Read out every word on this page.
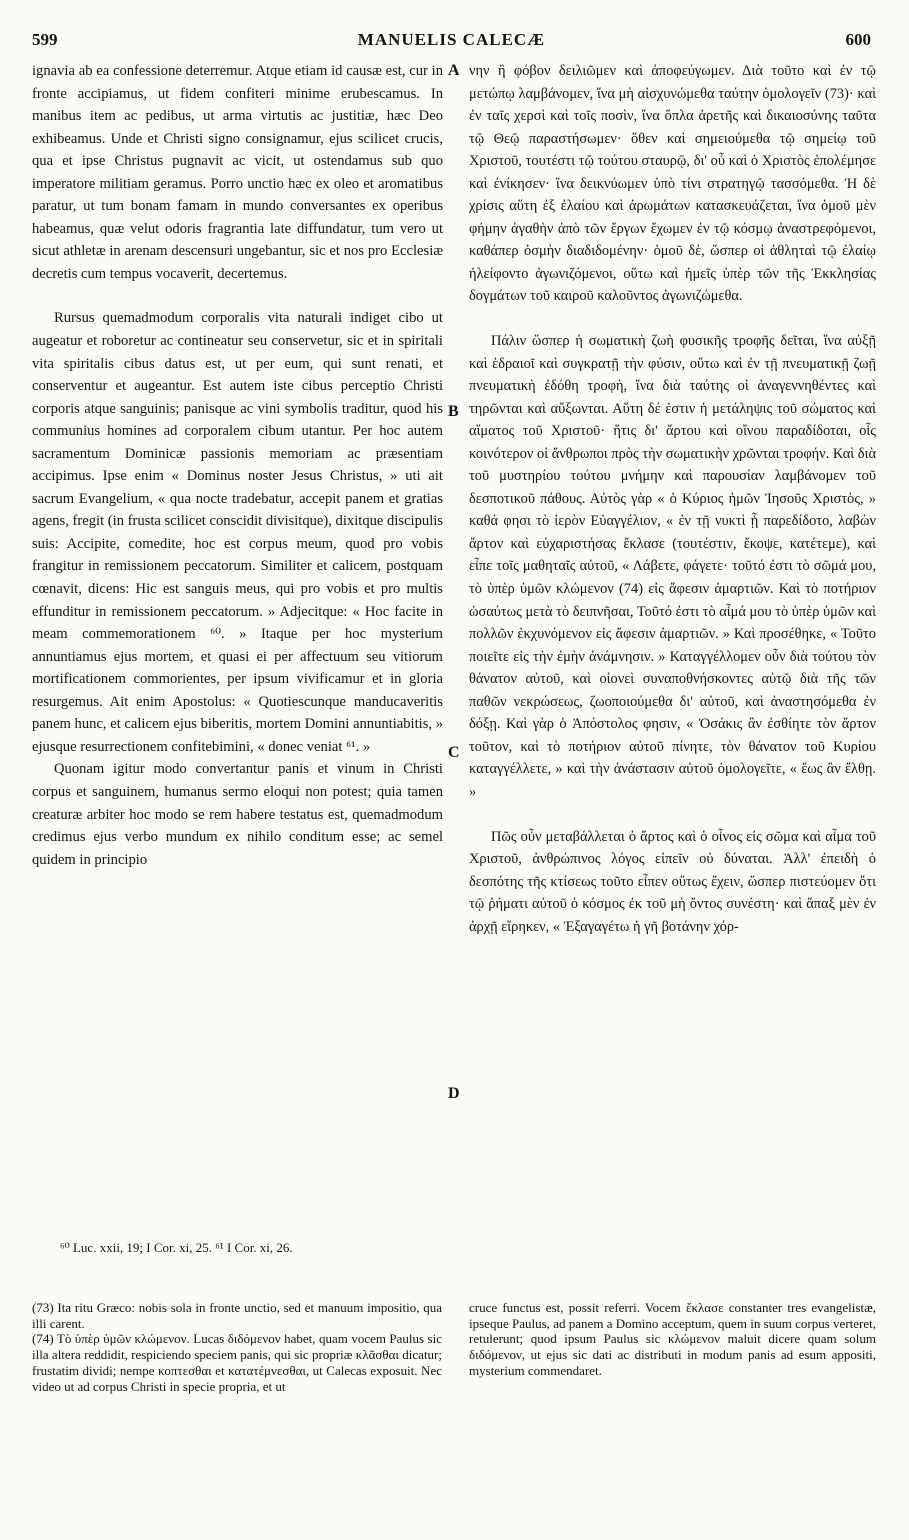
599	MANUELIS CALECÆ	600

ignavia ab ea confessione deterremur. Atque etiam id causæ est, cur in fronte accipiamus, ut fidem confiteri minime erubescamus. In manibus item ac pedibus, ut arma virtutis ac justitiæ, hæc Deo exhibeamus. Unde et Christi signo consignamur, ejus scilicet crucis, qua et ipse Christus pugnavit ac vicit, ut ostendamus sub quo imperatore militiam geramus. Porro unctio hæc ex oleo et aromatibus paratur, ut tum bonam famam in mundo conversantes ex operibus habeamus, quæ velut odoris fragrantia late diffundatur, tum vero ut sicut athletæ in arenam descensuri ungebantur, sic et nos pro Ecclesiæ decretis cum tempus vocaverit, decertemus.

Rursus quemadmodum corporalis vita naturali indiget cibo ut augeatur et roboretur ac contineatur seu conservetur, sic et in spiritali vita spiritalis cibus datus est, ut per eum, qui sunt renati, et conserventur et augeantur. Est autem iste cibus perceptio Christi corporis atque sanguinis; panisque ac vini symbolis traditur, quod his communius homines ad corporalem cibum utantur. Per hoc autem sacramentum Dominicæ passionis memoriam ac præsentiam accipimus. Ipse enim « Dominus noster Jesus Christus, » uti ait sacrum Evangelium, « qua nocte tradebatur, accepit panem et gratias agens, fregit (in frusta scilicet conscidit divisitque), dixitque discipulis suis: Accipite, comedite, hoc est corpus meum, quod pro vobis frangitur in remissionem peccatorum. Similiter et calicem, postquam cœnavit, dicens: Hic est sanguis meus, qui pro vobis et pro multis effunditur in remissionem peccatorum. » Adjecitque: « Hoc facite in meam commemorationem ⁶⁰. » Itaque per hoc mysterium annuntiamus ejus mortem, et quasi ei per affectuum seu vitiorum mortificationem commorientes, per ipsum vivificamur et in gloria resurgemus. Ait enim Apostolus: « Quotiescunque manducaveritis panem hunc, et calicem ejus biberitis, mortem Domini annuntiabitis, » ejusque resurrectionem confitebimini, « donec veniat ⁶¹. »

Quonam igitur modo convertantur panis et vinum in Christi corpus et sanguinem, humanus sermo eloqui non potest; quia tamen creaturæ arbiter hoc modo se rem habere testatus est, quemadmodum credimus ejus verbo mundum ex nihilo conditum esse; ac semel quidem in principio

νην ἢ φόβον δειλιῶμεν καὶ ἀποφεύγωμεν. Διὰ τοῦτο καὶ ἐν τῷ μετώπῳ λαμβάνομεν, ἵνα μὴ αἰσχυνώμεθα ταύτην ὁμολογεῖν (73)· καὶ ἐν ταῖς χερσὶ καὶ τοῖς ποσὶν, ἵνα ὅπλα ἀρετῆς καὶ δικαιοσύνης ταῦτα τῷ Θεῷ παραστήσωμεν· ὅθεν καὶ σημειούμεθα τῷ σημείῳ τοῦ Χριστοῦ, τουτέστι τῷ τούτου σταυρῷ, δι' οὗ καὶ ὁ Χριστὸς ἐπολέμησε καὶ ἐνίκησεν· ἵνα δεικνύωμεν ὑπὸ τίνι στρατηγῷ τασσόμεθα. Ἡ δὲ χρίσις αὕτη ἐξ ἐλαίου καὶ ἀρωμάτων κατασκευάζεται, ἵνα ὁμοῦ μὲν φήμην ἀγαθὴν ἀπὸ τῶν ἔργων ἔχωμεν ἐν τῷ κόσμῳ ἀναστρεφόμενοι, καθάπερ ὀσμὴν διαδιδομένην· ὁμοῦ δὲ, ὥσπερ οἱ ἀθληταὶ τῷ ἐλαίῳ ἠλείφοντο ἀγωνιζόμενοι, οὕτω καὶ ἡμεῖς ὑπὲρ τῶν τῆς Ἐκκλησίας δογμάτων τοῦ καιροῦ καλοῦντος ἀγωνιζώμεθα.

Πάλιν ὥσπερ ἡ σωματικὴ ζωὴ φυσικῆς τροφῆς δεῖται, ἵνα αὐξῇ καὶ ἑδραιοῖ καὶ συγκρατῇ τὴν φύσιν, οὕτω καὶ ἐν τῇ πνευματικῇ ζωῇ πνευματικὴ ἐδόθη τροφὴ, ἵνα διὰ ταύτης οἱ ἀναγεννηθέντες καὶ τηρῶνται καὶ αὔξωνται. Αὕτη δέ ἐστιν ἡ μετάληψις τοῦ σώματος καὶ αἵματος τοῦ Χριστοῦ· ἥτις δι' ἄρτου καὶ οἴνου παραδίδοται, οἷς κοινότερον οἱ ἄνθρωποι πρὸς τὴν σωματικὴν χρῶνται τροφήν. Καὶ διὰ τοῦ μυστηρίου τούτου μνήμην καὶ παρουσίαν λαμβάνομεν τοῦ δεσποτικοῦ πάθους. Αὐτὸς γὰρ « ὁ Κύριος ἡμῶν Ἰησοῦς Χριστὸς, » καθά φησι τὸ ἱερὸν Εὐαγγέλιον, « ἐν τῇ νυκτὶ ᾗ παρεδίδοτο, λαβὼν ἄρτον καὶ εὐχαριστήσας ἔκλασε (τουτέστιν, ἔκοψε, κατέτεμε), καὶ εἶπε τοῖς μαθηταῖς αὐτοῦ, « Λάβετε, φάγετε· τοῦτό ἐστι τὸ σῶμά μου, τὸ ὑπὲρ ὑμῶν κλώμενον (74) εἰς ἄφεσιν ἁμαρτιῶν. Καὶ τὸ ποτήριον ὡσαύτως μετὰ τὸ δειπνῆσαι, Τοῦτό ἐστι τὸ αἷμά μου τὸ ὑπὲρ ὑμῶν καὶ πολλῶν ἐκχυνόμενον εἰς ἄφεσιν ἁμαρτιῶν. » Καὶ προσέθηκε, « Τοῦτο ποιεῖτε εἰς τὴν ἐμὴν ἀνάμνησιν. » Καταγγέλλομεν οὖν διὰ τούτου τὸν θάνατον αὐτοῦ, καὶ οἱονεὶ συναποθνήσκοντες αὐτῷ διὰ τῆς τῶν παθῶν νεκρώσεως, ζωοποιούμεθα δι' αὐτοῦ, καὶ ἀναστησόμεθα ἐν δόξῃ. Καὶ γὰρ ὁ Ἀπόστολος φησιν, « Ὁσάκις ἂν ἐσθίητε τὸν ἄρτον τοῦτον, καὶ τὸ ποτήριον αὐτοῦ πίνητε, τὸν θάνατον τοῦ Κυρίου καταγγέλλετε, » καὶ τὴν ἀνάστασιν αὐτοῦ ὁμολογεῖτε, « ἕως ἂν ἔλθῃ. »

Πῶς οὖν μεταβάλλεται ὁ ἄρτος καὶ ὁ οἶνος εἰς σῶμα καὶ αἷμα τοῦ Χριστοῦ, ἀνθρώπινος λόγος εἰπεῖν οὐ δύναται. Ἀλλ' ἐπειδὴ ὁ δεσπότης τῆς κτίσεως τοῦτο εἶπεν οὕτως ἔχειν, ὥσπερ πιστεύομεν ὅτι τῷ ῥήματι αὐτοῦ ὁ κόσμος ἐκ τοῦ μὴ ὄντος συνέστη· καὶ ἅπαξ μὲν ἐν ἀρχῇ εἴρηκεν, « Ἐξαγαγέτω ἡ γῆ βοτάνην χόρ-

A
B
C
D
⁶⁰ Luc. xxii, 19; I Cor. xi, 25. ⁶¹ I Cor. xi, 26.

(73) Ita ritu Græco: nobis sola in fronte unctio, sed et manuum impositio, qua illi carent.

(74) Τὸ ὑπὲρ ὑμῶν κλώμενον. Lucas διδόμενον habet, quam vocem Paulus sic illa altera reddidit, respiciendo speciem panis, qui sic propriæ κλᾶσθαι dicatur; frustatim dividi; nempe κοπτεσθαι et κατατέμνεσθαι, ut Calecas exposuit. Nec video ut ad corpus Christi in specie propria, et ut

cruce functus est, possit referri. Vocem ἔκλασε constanter tres evangelistæ, ipseque Paulus, ad panem a Domino acceptum, quem in suum corpus verteret, retulerunt; quod ipsum Paulus sic κλώμενον maluit dicere quam solum διδόμενον, ut ejus sic dati ac distributi in modum panis ad esum appositi, mysterium commendaret.
